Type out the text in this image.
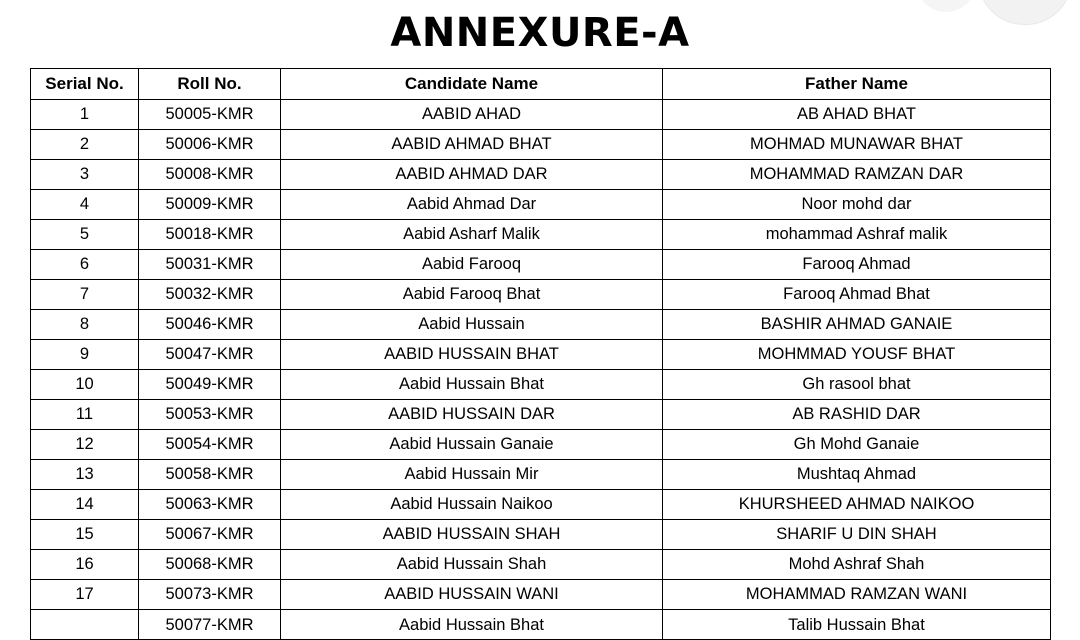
ANNEXURE-A
Serial No.	Roll No.	Candidate Name	Father Name
1	50005-KMR	AABID AHAD	AB AHAD BHAT
2	50006-KMR	AABID AHMAD BHAT	MOHMAD MUNAWAR BHAT
3	50008-KMR	AABID AHMAD DAR	MOHAMMAD RAMZAN DAR
4	50009-KMR	Aabid Ahmad Dar	Noor mohd dar
5	50018-KMR	Aabid Asharf Malik	mohammad Ashraf malik
6	50031-KMR	Aabid Farooq	Farooq Ahmad
7	50032-KMR	Aabid Farooq Bhat	Farooq Ahmad Bhat
8	50046-KMR	Aabid Hussain	BASHIR AHMAD GANAIE
9	50047-KMR	AABID HUSSAIN BHAT	MOHMMAD YOUSF BHAT
10	50049-KMR	Aabid Hussain Bhat	Gh rasool bhat
11	50053-KMR	AABID HUSSAIN DAR	AB RASHID DAR
12	50054-KMR	Aabid Hussain Ganaie	Gh Mohd Ganaie
13	50058-KMR	Aabid Hussain Mir	Mushtaq Ahmad
14	50063-KMR	Aabid Hussain Naikoo	KHURSHEED AHMAD NAIKOO
15	50067-KMR	AABID HUSSAIN SHAH	SHARIF U DIN SHAH
16	50068-KMR	Aabid Hussain Shah	Mohd Ashraf Shah
17	50073-KMR	AABID HUSSAIN WANI	MOHAMMAD RAMZAN WANI
	50077-KMR	Aabid Hussain Bhat	Talib Hussain Bhat
